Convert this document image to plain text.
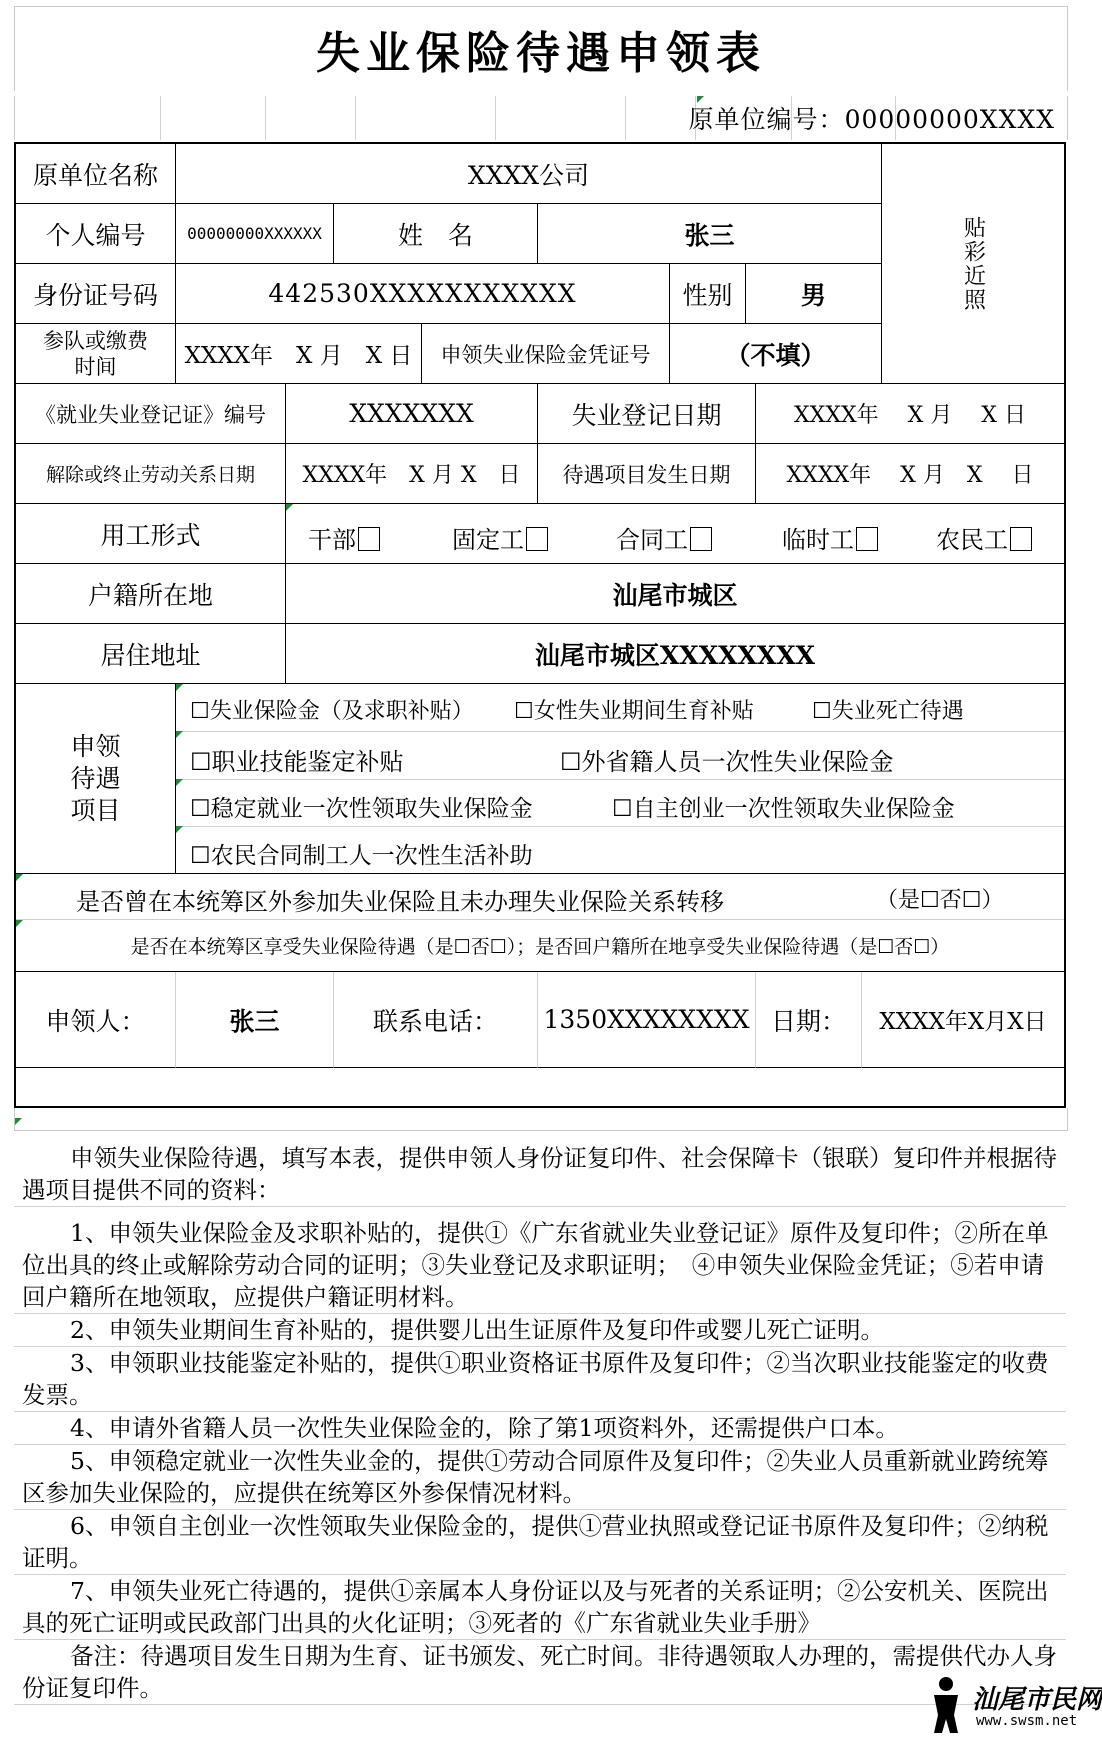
失业保险待遇申领表
原单位编号：00000000XXXX
原单位名称	XXXX公司
贴彩近照
个人编号	00000000XXXXXX	姓　名	张三
身份证号码	442530XXXXXXXXXXX	性别	男
参队或缴费时间	XXXX年　X 月　X 日	申领失业保险金凭证号	（不填）
《就业失业登记证》编号	XXXXXXX	失业登记日期	XXXX年　 X 月　 X 日
解除或终止劳动关系日期	XXXX年　X 月 X　日	待遇项目发生日期	XXXX年　 X 月　X　 日
用工形式	干部	固定工	合同工	临时工	农民工
户籍所在地	汕尾市城区
居住地址	汕尾市城区XXXXXXXX
申领待遇项目
☐失业保险金（及求职补贴） ☐女性失业期间生育补贴	☐失业死亡待遇
☐职业技能鉴定补贴	☐外省籍人员一次性失业保险金
☐稳定就业一次性领取失业保险金	☐自主创业一次性领取失业保险金
☐农民合同制工人一次性生活补助
是否曾在本统筹区外参加失业保险且未办理失业保险关系转移	（是☐否☐）
是否在本统筹区享受失业保险待遇（是☐否☐）；是否回户籍所在地享受失业保险待遇（是☐否☐）
申领人：	张三	联系电话：	1350XXXXXXXX 日期：	XXXX年X月X日

申领失业保险待遇，填写本表，提供申领人身份证复印件、社会保障卡（银联）复印件并根据待遇项目提供不同的资料：

1、申领失业保险金及求职补贴的，提供①《广东省就业失业登记证》原件及复印件；②所在单位出具的终止或解除劳动合同的证明；③失业登记及求职证明；　④申领失业保险金凭证；⑤若申请回户籍所在地领取，应提供户籍证明材料。

2、申领失业期间生育补贴的，提供婴儿出生证原件及复印件或婴儿死亡证明。

3、申领职业技能鉴定补贴的，提供①职业资格证书原件及复印件；②当次职业技能鉴定的收费发票。

4、申请外省籍人员一次性失业保险金的，除了第1项资料外，还需提供户口本。

5、申领稳定就业一次性失业金的，提供①劳动合同原件及复印件；②失业人员重新就业跨统筹区参加失业保险的，应提供在统筹区外参保情况材料。

6、申领自主创业一次性领取失业保险金的，提供①营业执照或登记证书原件及复印件；②纳税证明。

7、申领失业死亡待遇的，提供①亲属本人身份证以及与死者的关系证明；②公安机关、医院出具的死亡证明或民政部门出具的火化证明；③死者的《广东省就业失业手册》

备注：待遇项目发生日期为生育、证书颁发、死亡时间。非待遇领取人办理的，需提供代办人身份证复印件。	汕尾市民网
www.swsm.net
